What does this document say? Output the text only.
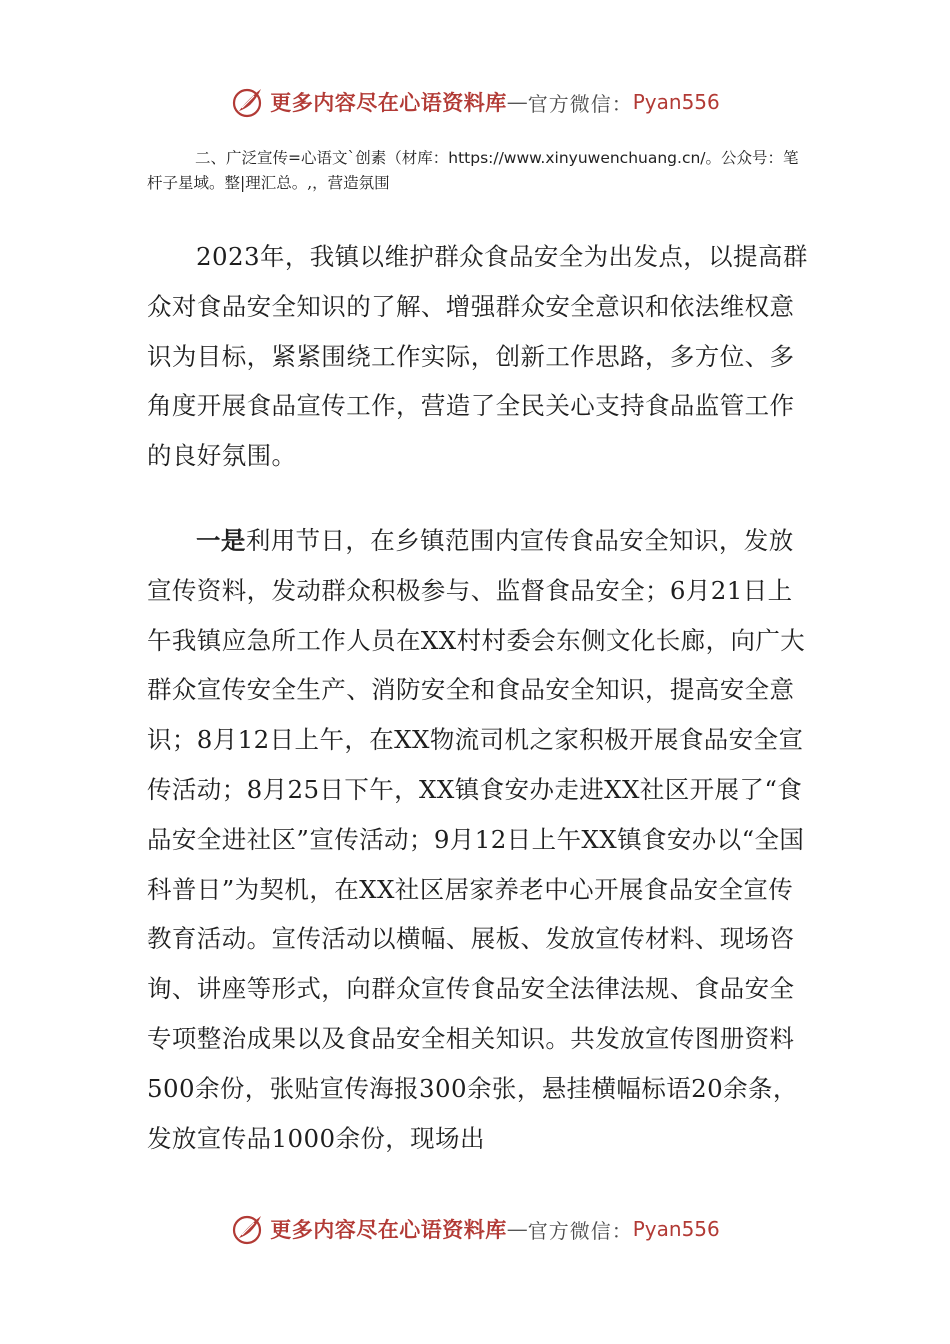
更多内容尽在心语资料库 — 官方微信： Pyan556

二、广泛宣传=心语文`创素（材库：https://www.xinyuwenchuang.cn/。公众号：笔杆子星域。整|理汇总。,，营造氛围

2023年，我镇以维护群众食品安全为出发点，以提高群众对食品安全知识的了解、增强群众安全意识和依法维权意识为目标，紧紧围绕工作实际，创新工作思路，多方位、多角度开展食品宣传工作，营造了全民关心支持食品监管工作的良好氛围。

一是利用节日，在乡镇范围内宣传食品安全知识，发放宣传资料，发动群众积极参与、监督食品安全；6月21日上午我镇应急所工作人员在XX村村委会东侧文化长廊，向广大群众宣传安全生产、消防安全和食品安全知识，提高安全意识；8月12日上午，在XX物流司机之家积极开展食品安全宣传活动；8月25日下午，XX镇食安办走进XX社区开展了“食品安全进社区”宣传活动；9月12日上午XX镇食安办以“全国科普日”为契机，在XX社区居家养老中心开展食品安全宣传教育活动。宣传活动以横幅、展板、发放宣传材料、现场咨询、讲座等形式，向群众宣传食品安全法律法规、食品安全专项整治成果以及食品安全相关知识。共发放宣传图册资料500余份，张贴宣传海报300余张，悬挂横幅标语20余条，发放宣传品1000余份，现场出

更多内容尽在心语资料库 — 官方微信： Pyan556
